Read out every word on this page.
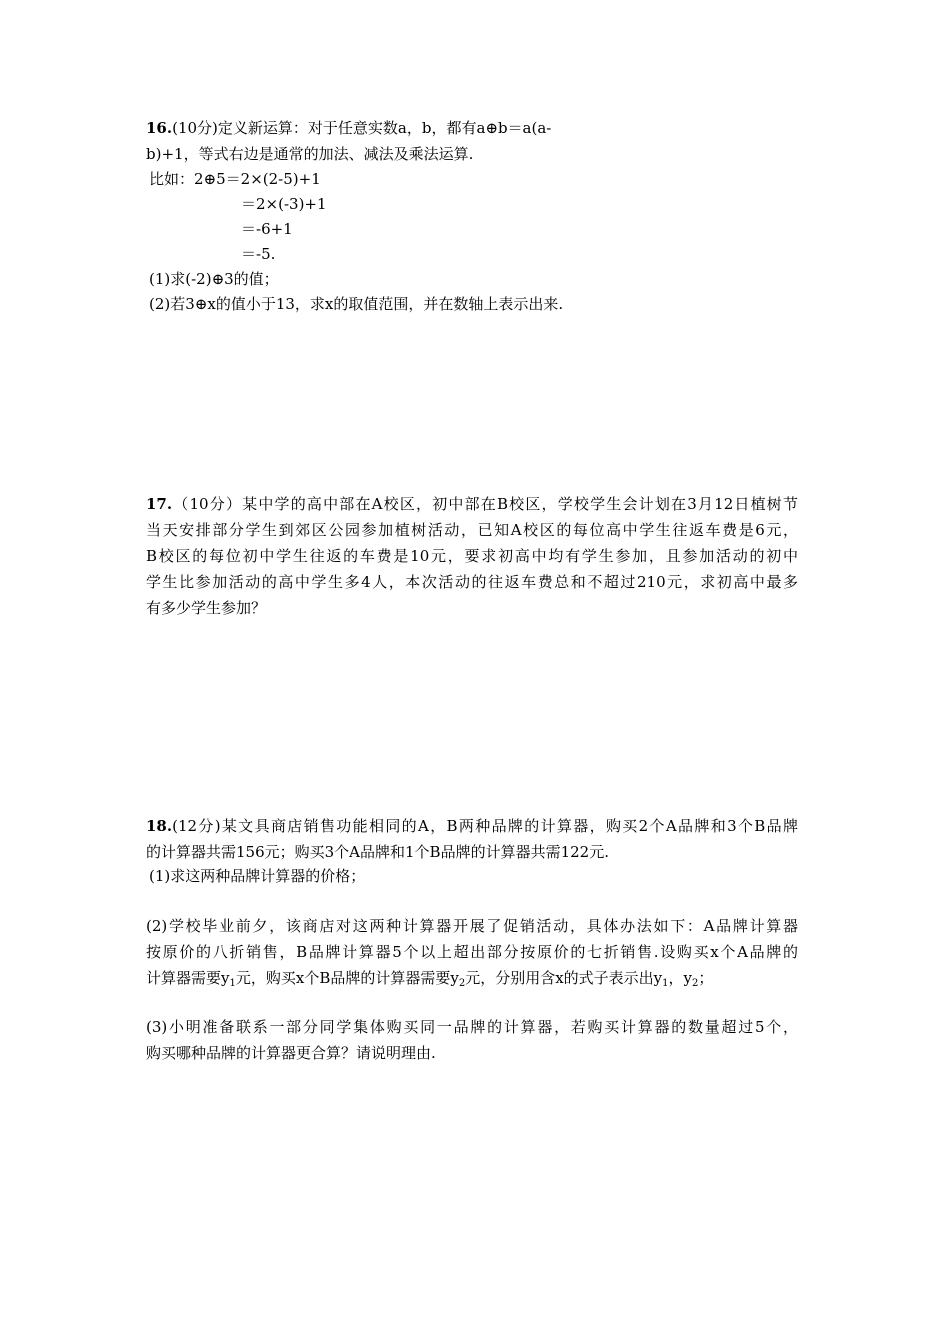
16.(10分)定义新运算：对于任意实数a，b，都有a⊕b＝a(a-
b)+1，等式右边是通常的加法、减法及乘法运算.
比如：2⊕5＝2×(2-5)+1
＝2×(-3)+1
＝-6+1
＝-5.
(1)求(-2)⊕3的值；
(2)若3⊕x的值小于13，求x的取值范围，并在数轴上表示出来.
17.（10分）某中学的高中部在A校区，初中部在B校区，学校学生会计划在3月12日植树节
当天安排部分学生到郊区公园参加植树活动，已知A校区的每位高中学生往返车费是6元，
B校区的每位初中学生往返的车费是10元，要求初高中均有学生参加，且参加活动的初中
学生比参加活动的高中学生多4人，本次活动的往返车费总和不超过210元，求初高中最多
有多少学生参加？
18.(12分)某文具商店销售功能相同的A，B两种品牌的计算器，购买2个A品牌和3个B品牌
的计算器共需156元；购买3个A品牌和1个B品牌的计算器共需122元.
(1)求这两种品牌计算器的价格；
(2)学校毕业前夕，该商店对这两种计算器开展了促销活动，具体办法如下：A品牌计算器
按原价的八折销售，B品牌计算器5个以上超出部分按原价的七折销售.设购买x个A品牌的
计算器需要$y_1$元，购买x个B品牌的计算器需要$y_2$元，分别用含x的式子表示出$y_1$，$y_2$；
(3)小明准备联系一部分同学集体购买同一品牌的计算器，若购买计算器的数量超过5个，
购买哪种品牌的计算器更合算？请说明理由.
